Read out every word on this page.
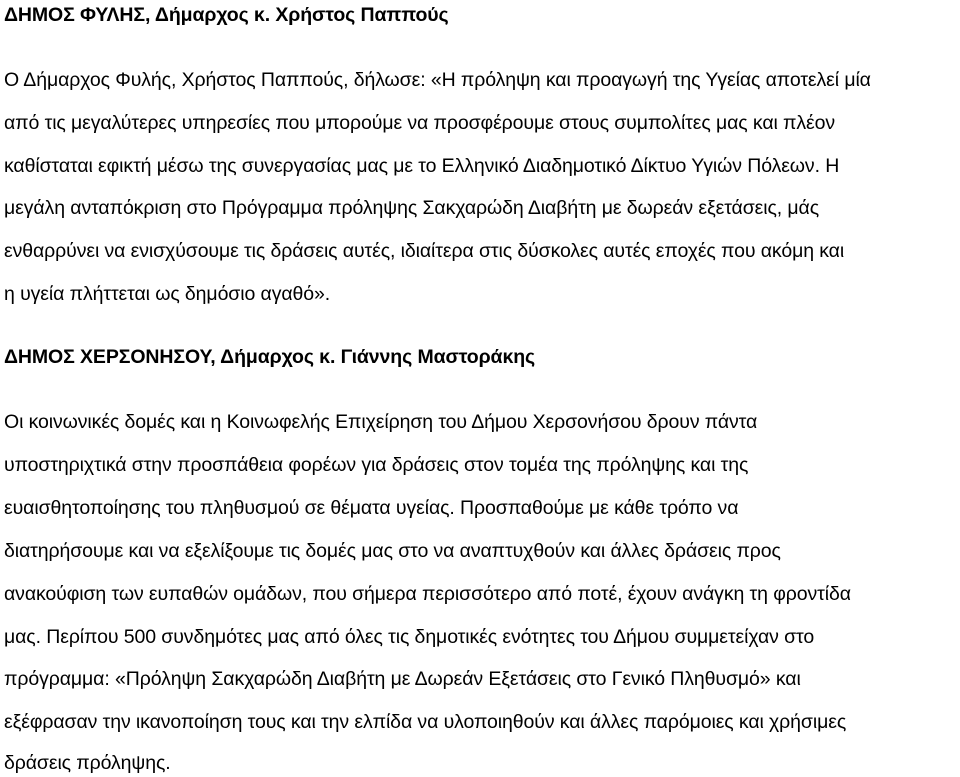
ΔΗΜΟΣ ΦΥΛΗΣ, Δήμαρχος κ. Χρήστος Παππούς
Ο Δήμαρχος Φυλής, Χρήστος Παππούς, δήλωσε: «Η πρόληψη και προαγωγή της Υγείας αποτελεί μία
από τις μεγαλύτερες υπηρεσίες που μπορούμε να προσφέρουμε στους συμπολίτες μας και πλέον
καθίσταται εφικτή μέσω της συνεργασίας μας με το Ελληνικό Διαδημοτικό Δίκτυο Υγιών Πόλεων. Η
μεγάλη ανταπόκριση στο Πρόγραμμα πρόληψης Σακχαρώδη Διαβήτη με δωρεάν εξετάσεις, μάς
ενθαρρύνει να ενισχύσουμε τις δράσεις αυτές, ιδιαίτερα στις δύσκολες αυτές εποχές που ακόμη και
η υγεία πλήττεται ως δημόσιο αγαθό».
ΔΗΜΟΣ ΧΕΡΣΟΝΗΣΟΥ, Δήμαρχος κ. Γιάννης Μαστοράκης
Οι κοινωνικές δομές και η Κοινωφελής Επιχείρηση του Δήμου Χερσονήσου δρουν πάντα
υποστηριχτικά στην προσπάθεια φορέων για δράσεις στον τομέα της πρόληψης και της
ευαισθητοποίησης του πληθυσμού σε θέματα υγείας. Προσπαθούμε με κάθε τρόπο να
διατηρήσουμε και να εξελίξουμε τις δομές μας στο να αναπτυχθούν και άλλες δράσεις προς
ανακούφιση των ευπαθών ομάδων, που σήμερα περισσότερο από ποτέ, έχουν ανάγκη τη φροντίδα
μας. Περίπου 500 συνδημότες μας από όλες τις δημοτικές ενότητες του Δήμου συμμετείχαν στο
πρόγραμμα: «Πρόληψη Σακχαρώδη Διαβήτη με Δωρεάν Εξετάσεις στο Γενικό Πληθυσμό» και
εξέφρασαν την ικανοποίηση τους και την ελπίδα να υλοποιηθούν και άλλες παρόμοιες και χρήσιμες
δράσεις πρόληψης.
